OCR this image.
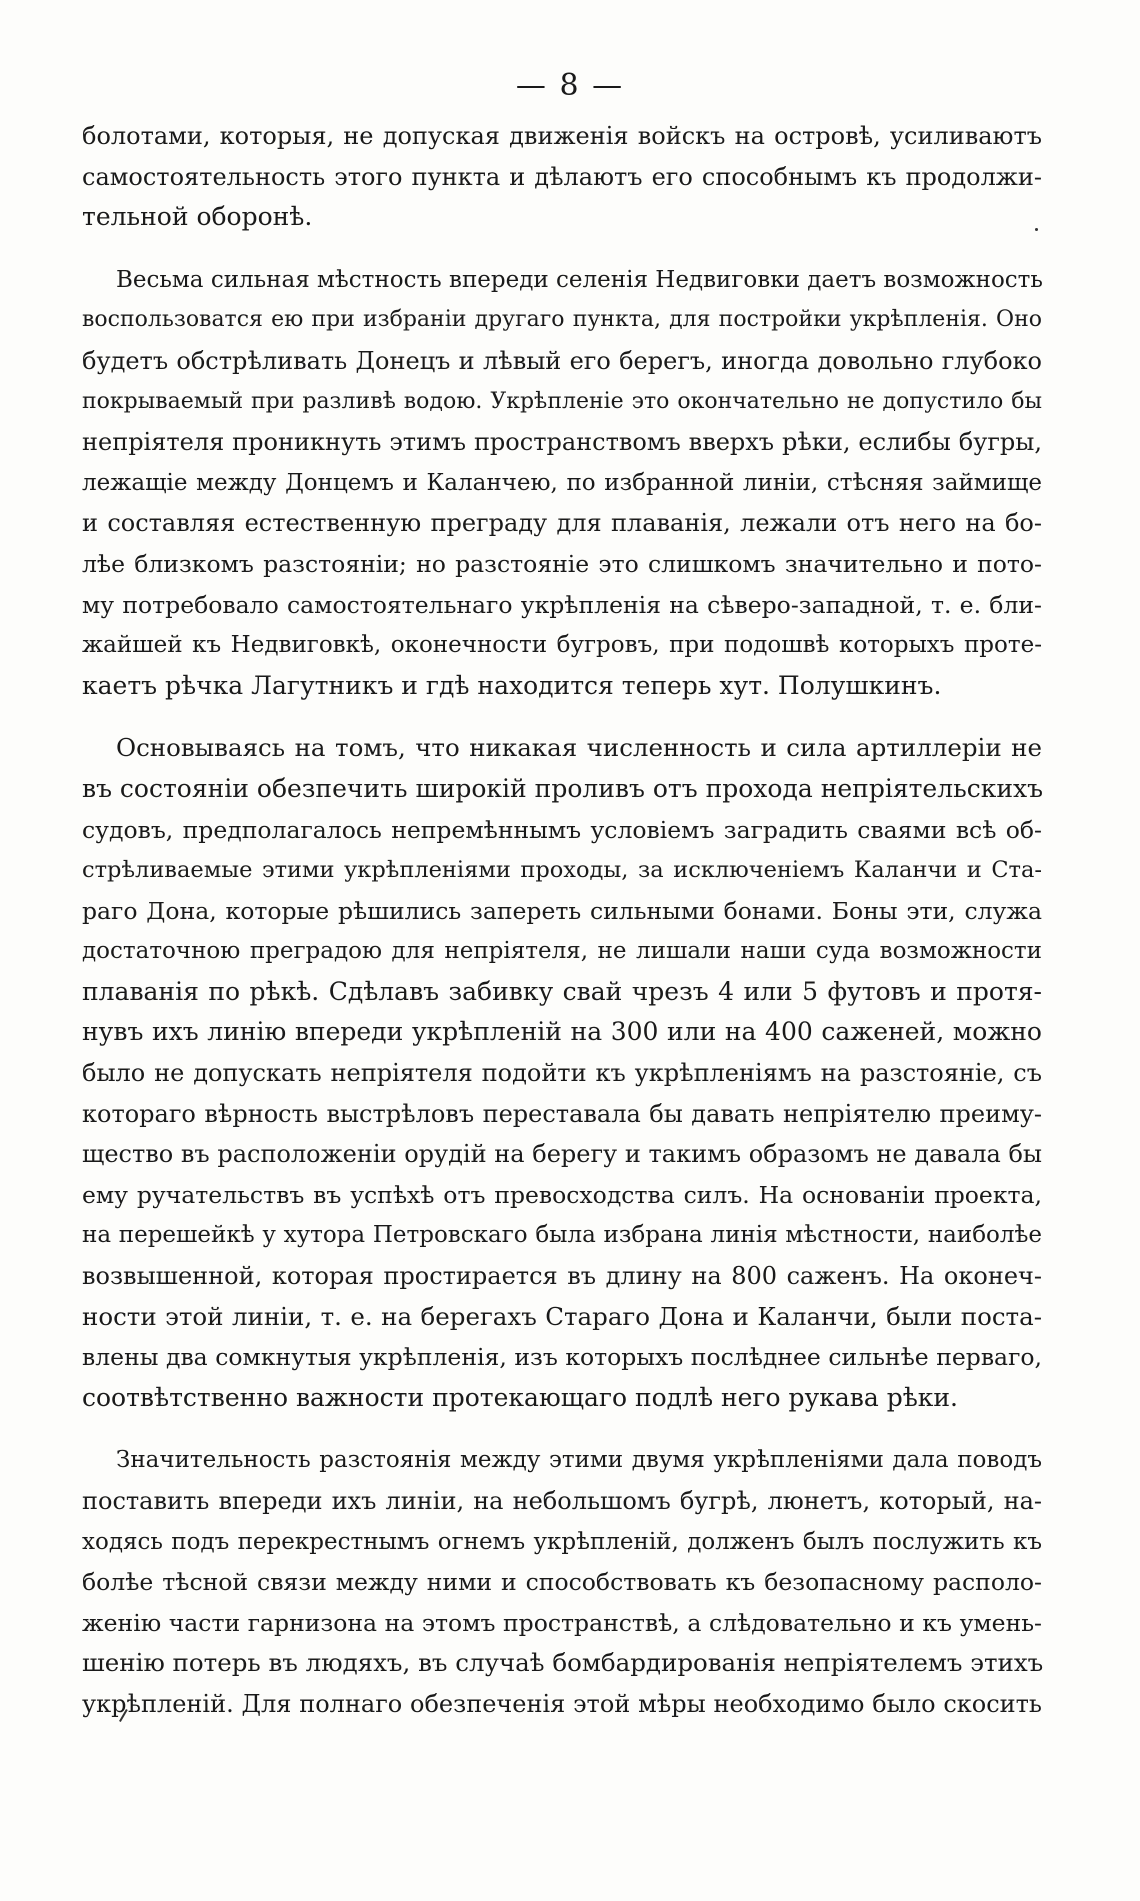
— 8 —
болотами, которыя, не допуская движенія войскъ на островѣ, усиливаютъ
самостоятельность этого пункта и дѣлаютъ его способнымъ къ продолжи-
тельной оборонѣ.
Весьма сильная мѣстность впереди селенія Недвиговки даетъ возможность
воспользоватся ею при избраніи другаго пункта, для постройки укрѣпленія. Оно
будетъ обстрѣливать Донецъ и лѣвый его берегъ, иногда довольно глубоко
покрываемый при разливѣ водою. Укрѣпленіе это окончательно не допустило бы
непріятеля проникнуть этимъ пространствомъ вверхъ рѣки, еслибы бугры,
лежащіе между Донцемъ и Каланчею, по избранной линіи, стѣсняя займище
и составляя естественную преграду для плаванія, лежали отъ него на бо-
лѣе близкомъ разстояніи; но разстояніе это слишкомъ значительно и пото-
му потребовало самостоятельнаго укрѣпленія на сѣверо-западной, т. е. бли-
жайшей къ Недвиговкѣ, оконечности бугровъ, при подошвѣ которыхъ проте-
каетъ рѣчка Лагутникъ и гдѣ находится теперь хут. Полушкинъ.
Основываясь на томъ, что никакая численность и сила артиллеріи не
въ состояніи обезпечить широкій проливъ отъ прохода непріятельскихъ
судовъ, предполагалось непремѣннымъ условіемъ заградить сваями всѣ об-
стрѣливаемые этими укрѣпленіями проходы, за исключеніемъ Каланчи и Ста-
раго Дона, которые рѣшились запереть сильными бонами. Боны эти, служа
достаточною преградою для непріятеля, не лишали наши суда возможности
плаванія по рѣкѣ. Сдѣлавъ забивку свай чрезъ 4 или 5 футовъ и протя-
нувъ ихъ линію впереди укрѣпленій на 300 или на 400 саженей, можно
было не допускать непріятеля подойти къ укрѣпленіямъ на разстояніе, съ
котораго вѣрность выстрѣловъ переставала бы давать непріятелю преиму-
щество въ расположеніи орудій на берегу и такимъ образомъ не давала бы
ему ручательствъ въ успѣхѣ отъ превосходства силъ. На основаніи проекта,
на перешейкѣ у хутора Петровскаго была избрана линія мѣстности, наиболѣе
возвышенной, которая простирается въ длину на 800 саженъ. На оконеч-
ности этой линіи, т. е. на берегахъ Стараго Дона и Каланчи, были поста-
влены два сомкнутыя укрѣпленія, изъ которыхъ послѣднее сильнѣе перваго,
соотвѣтственно важности протекающаго подлѣ него рукава рѣки.
Значительность разстоянія между этими двумя укрѣпленіями дала поводъ
поставить впереди ихъ линіи, на небольшомъ бугрѣ, люнетъ, который, на-
ходясь подъ перекрестнымъ огнемъ укрѣпленій, долженъ былъ послужить къ
болѣе тѣсной связи между ними и способствовать къ безопасному располо-
женію части гарнизона на этомъ пространствѣ, а слѣдовательно и къ умень-
шенію потерь въ людяхъ, въ случаѣ бомбардированія непріятелемъ этихъ
укрѣпленій. Для полнаго обезпеченія этой мѣры необходимо было скосить
